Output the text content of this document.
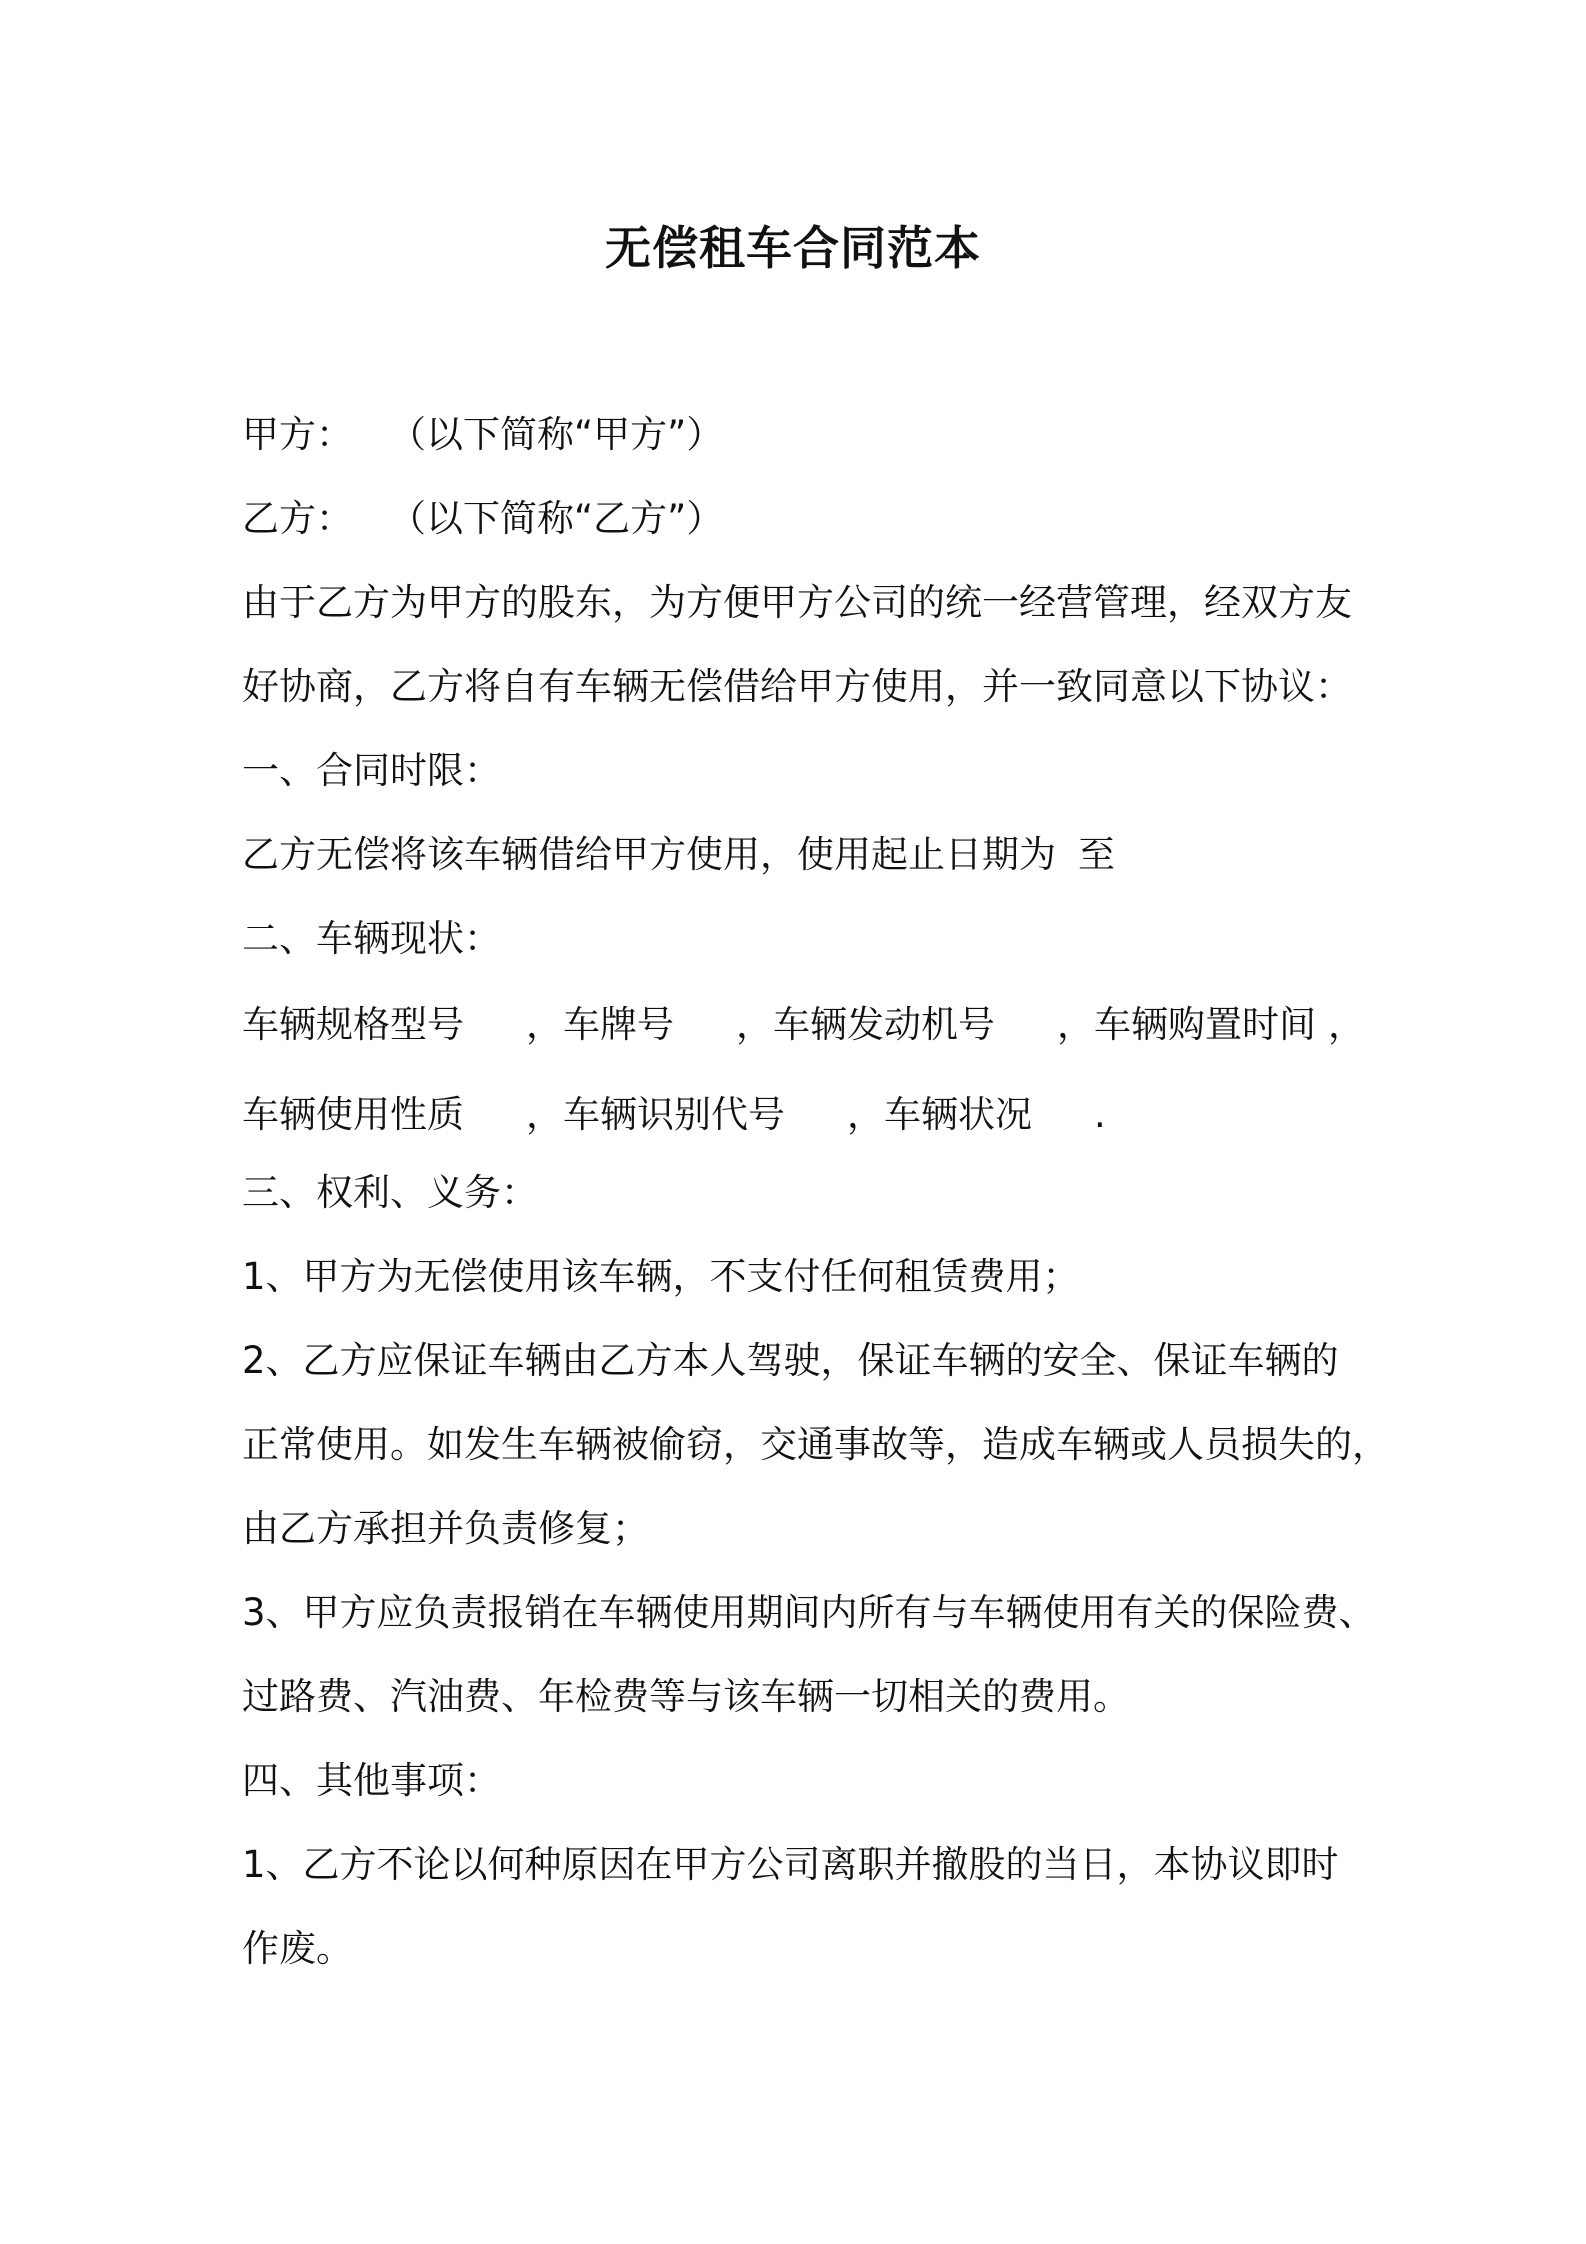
无偿租车合同范本
甲方： （以下简称“甲方”）
乙方： （以下简称“乙方”）
由于乙方为甲方的股东，为方便甲方公司的统一经营管理，经双方友
好协商，乙方将自有车辆无偿借给甲方使用，并一致同意以下协议：
一、合同时限：
乙方无偿将该车辆借给甲方使用，使用起止日期为 至
二、车辆现状：
车辆规格型号 ，车牌号 ，车辆发动机号 ，车辆购置时间 ，
车辆使用性质 ，车辆识别代号 ，车辆状况 .
三、权利、义务：
1、甲方为无偿使用该车辆，不支付任何租赁费用；
2、乙方应保证车辆由乙方本人驾驶，保证车辆的安全、保证车辆的
正常使用。如发生车辆被偷窃，交通事故等，造成车辆或人员损失的，
由乙方承担并负责修复；
3、甲方应负责报销在车辆使用期间内所有与车辆使用有关的保险费、
过路费、汽油费、年检费等与该车辆一切相关的费用。
四、其他事项：
1、乙方不论以何种原因在甲方公司离职并撤股的当日，本协议即时
作废。
